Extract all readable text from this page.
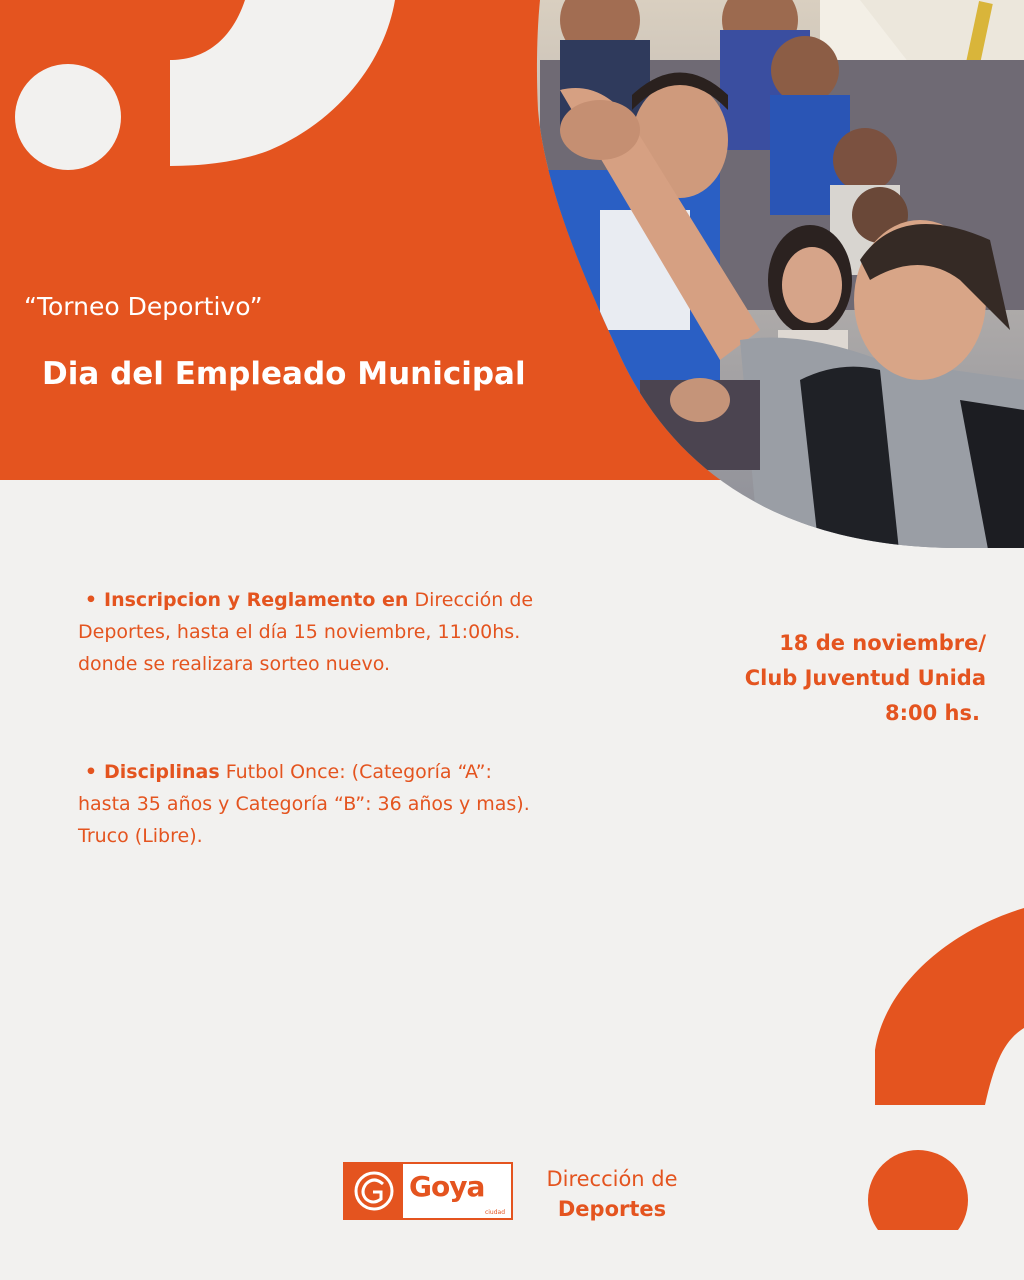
“Torneo Deportivo”
Dia del Empleado Municipal

• Inscripcion y Reglamento en Dirección de
Deportes, hasta el día 15 noviembre, 11:00hs.
donde se realizara sorteo nuevo.

• Disciplinas Futbol Once: (Categoría “A”:
hasta 35 años y Categoría “B”: 36 años y mas).
Truco (Libre).

18 de noviembre/
Club Juventud Unida
8:00 hs.
Goya
ciudad
Dirección de
Deportes
